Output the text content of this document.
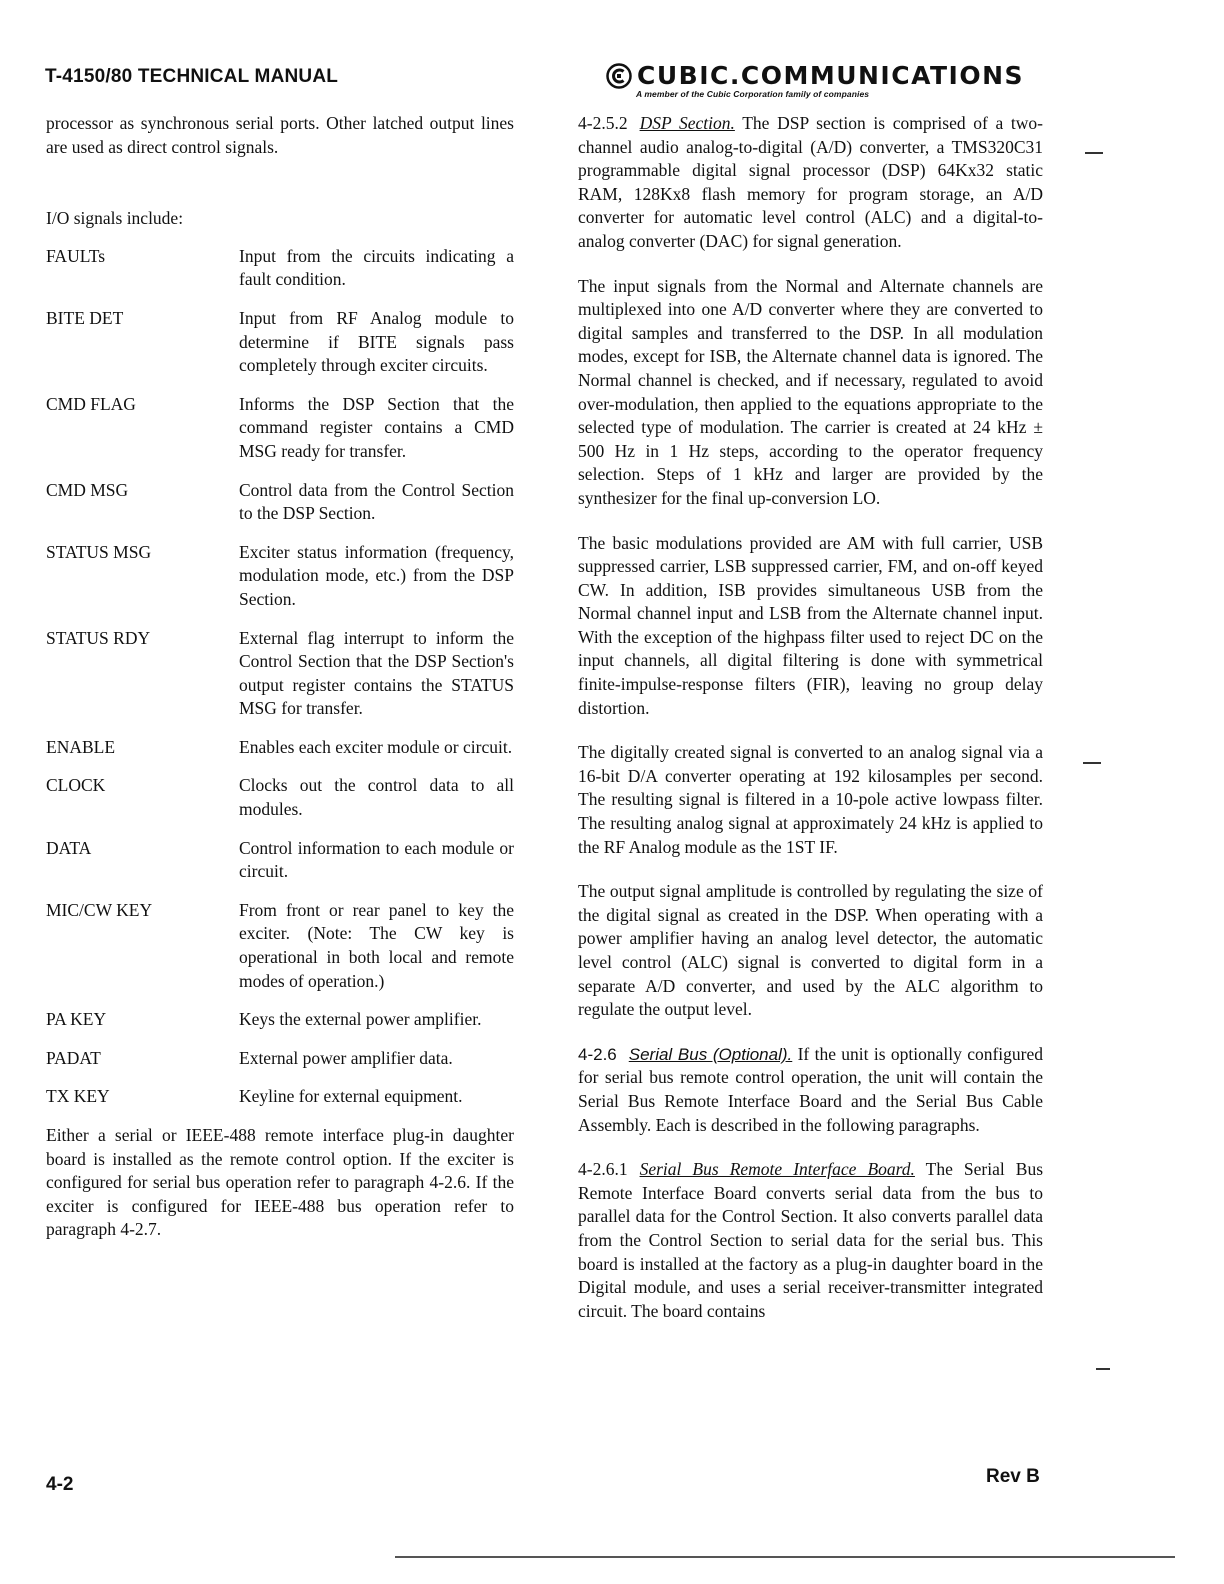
T-4150/80 TECHNICAL MANUAL	CUBIC.COMMUNICATIONS
A member of the Cubic Corporation family of companies

processor as synchronous serial ports. Other latched output lines are used as direct control signals.

I/O signals include:
FAULTs	Input from the circuits indicating a fault condition.
BITE DET	Input from RF Analog module to determine if BITE signals pass completely through exciter circuits.
CMD FLAG	Informs the DSP Section that the command register contains a CMD MSG ready for transfer.
CMD MSG	Control data from the Control Section to the DSP Section.
STATUS MSG	Exciter status information (frequency, modulation mode, etc.) from the DSP Section.
STATUS RDY	External flag interrupt to inform the Control Section that the DSP Section's output register contains the STATUS MSG for transfer.
ENABLE	Enables each exciter module or circuit.
CLOCK	Clocks out the control data to all modules.
DATA	Control information to each module or circuit.
MIC/CW KEY	From front or rear panel to key the exciter. (Note: The CW key is operational in both local and remote modes of operation.)
PA KEY	Keys the external power amplifier.
PADAT	External power amplifier data.
TX KEY	Keyline for external equipment.

Either a serial or IEEE-488 remote interface plug-in daughter board is installed as the remote control option. If the exciter is configured for serial bus operation refer to paragraph 4-2.6. If the exciter is configured for IEEE-488 bus operation refer to paragraph 4-2.7.

4-2.5.2 DSP Section. The DSP section is comprised of a two-channel audio analog-to-digital (A/D) converter, a TMS320C31 programmable digital signal processor (DSP) 64Kx32 static RAM, 128Kx8 flash memory for program storage, an A/D converter for automatic level control (ALC) and a digital-to-analog converter (DAC) for signal generation.

The input signals from the Normal and Alternate channels are multiplexed into one A/D converter where they are converted to digital samples and transferred to the DSP. In all modulation modes, except for ISB, the Alternate channel data is ignored. The Normal channel is checked, and if necessary, regulated to avoid over-modulation, then applied to the equations appropriate to the selected type of modulation. The carrier is created at 24 kHz ± 500 Hz in 1 Hz steps, according to the operator frequency selection. Steps of 1 kHz and larger are provided by the synthesizer for the final up-conversion LO.

The basic modulations provided are AM with full carrier, USB suppressed carrier, LSB suppressed carrier, FM, and on-off keyed CW. In addition, ISB provides simultaneous USB from the Normal channel input and LSB from the Alternate channel input. With the exception of the highpass filter used to reject DC on the input channels, all digital filtering is done with symmetrical finite-impulse-response filters (FIR), leaving no group delay distortion.

The digitally created signal is converted to an analog signal via a 16-bit D/A converter operating at 192 kilosamples per second. The resulting signal is filtered in a 10-pole active lowpass filter. The resulting analog signal at approximately 24 kHz is applied to the RF Analog module as the 1ST IF.

The output signal amplitude is controlled by regulating the size of the digital signal as created in the DSP. When operating with a power amplifier having an analog level detector, the automatic level control (ALC) signal is converted to digital form in a separate A/D converter, and used by the ALC algorithm to regulate the output level.

4-2.6 Serial Bus (Optional). If the unit is optionally configured for serial bus remote control operation, the unit will contain the Serial Bus Remote Interface Board and the Serial Bus Cable Assembly. Each is described in the following paragraphs.

4-2.6.1 Serial Bus Remote Interface Board. The Serial Bus Remote Interface Board converts serial data from the bus to parallel data for the Control Section. It also converts parallel data from the Control Section to serial data for the serial bus. This board is installed at the factory as a plug-in daughter board in the Digital module, and uses a serial receiver-transmitter integrated circuit. The board contains

4-2	Rev B
